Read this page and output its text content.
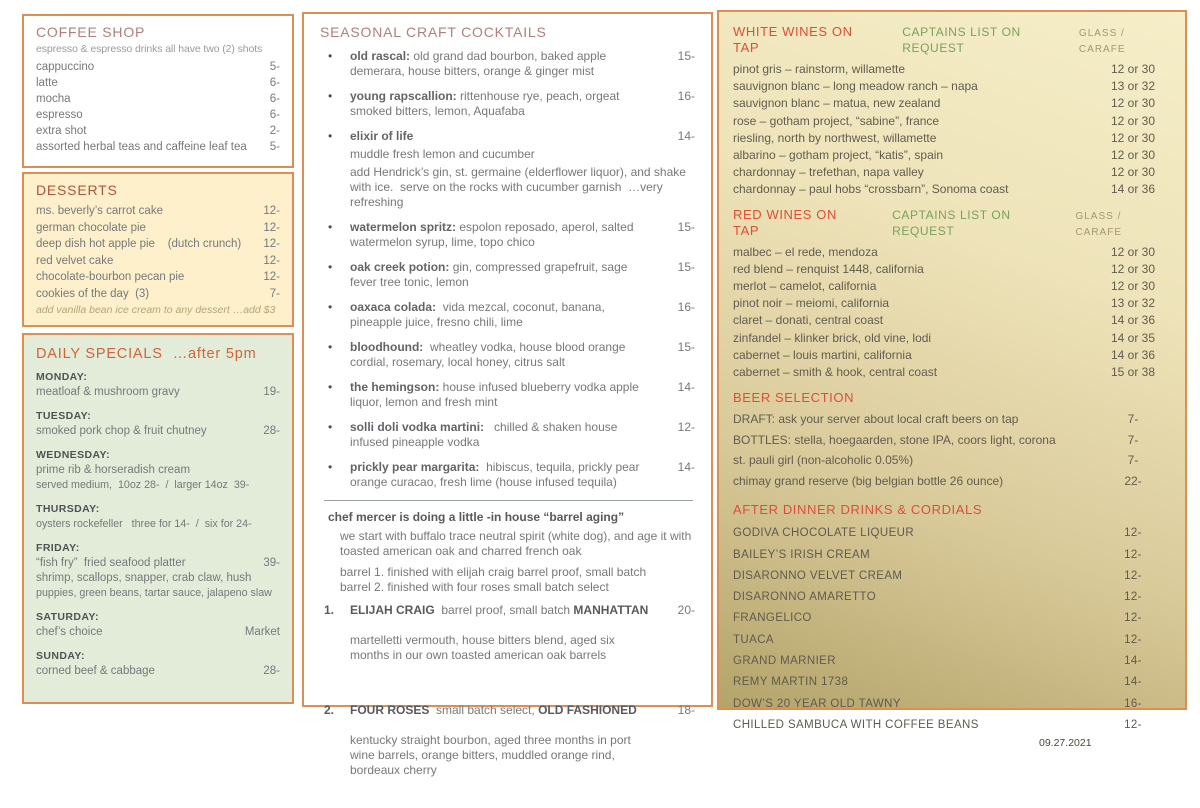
COFFEE SHOP
espresso & espresso drinks all have two (2) shots
cappuccino	5-
latte	6-
mocha	6-
espresso	6-
extra shot	2-
assorted herbal teas and caffeine leaf tea 5-
DESSERTS
ms. beverly’s carrot cake	12-
german chocolate pie	12-
deep dish hot apple pie    (dutch crunch) 12-
red velvet cake	12-
chocolate-bourbon pecan pie	12-
cookies of the day  (3)	7-
add vanilla bean ice cream to any dessert …add $3
DAILY SPECIALS …after 5pm
MONDAY:
meatloaf & mushroom gravy	19-
TUESDAY:
smoked pork chop & fruit chutney	28-
WEDNESDAY:
prime rib & horseradish cream
served medium,  10oz 28-  /  larger 14oz  39-
THURSDAY:
oysters rockefeller   three for 14-  /  six for 24-
FRIDAY:
“fish fry”  fried seafood platter	39-
shrimp, scallops, snapper, crab claw, hush
puppies, green beans, tartar sauce, jalapeno slaw
SATURDAY:
chef’s choice	Market
SUNDAY:
corned beef & cabbage	28-
SEASONAL CRAFT COCKTAILS
•	old rascal: old grand dad bourbon, baked apple demerara, house bitters, orange & ginger mist
15-
•	young rapscallion: rittenhouse rye, peach, orgeat smoked bitters, lemon, Aquafaba
16-
•	elixir of life	14-
muddle fresh lemon and cucumber
add Hendrick’s gin, st. germaine (elderflower liquor), and shake with ice.  serve on the rocks with cucumber garnish  …very refreshing
•	watermelon spritz: espolon reposado, aperol, salted watermelon syrup, lime, topo chico
15-
•	oak creek potion: gin, compressed grapefruit, sage fever tree tonic, lemon
15-
•	oaxaca colada:  vida mezcal, coconut, banana, pineapple juice, fresno chili, lime
16-
•	bloodhound:  wheatley vodka, house blood orange cordial, rosemary, local honey, citrus salt
15-
•	the hemingson: house infused blueberry vodka apple liquor, lemon and fresh mint
14-
•	solli doli vodka martini:   chilled & shaken house infused pineapple vodka
12-
•	prickly pear margarita:  hibiscus, tequila, prickly pear orange curacao, fresh lime (house infused tequila)
14-
chef mercer is doing a little -in house “barrel aging”
we start with buffalo trace neutral spirit (white dog), and age it with toasted american oak and charred french oak
barrel 1. finished with elijah craig barrel proof, small batch
barrel 2. finished with four roses small batch select
1.	ELIJAH CRAIG  barrel proof, small batch MANHATTAN

martelletti vermouth, house bitters blend, aged six months in our own toasted american oak barrels

20-
2.	FOUR ROSES  small batch select, OLD FASHIONED

kentucky straight bourbon, aged three months in port wine barrels, orange bitters, muddled orange rind, bordeaux cherry

18-
WHITE WINES ON TAP
CAPTAINS LIST ON REQUEST
GLASS / CARAFE
pinot gris – rainstorm, willamette	12 or 30
sauvignon blanc – long meadow ranch – napa	13 or 32
sauvignon blanc – matua, new zealand	12 or 30
rose – gotham project, “sabine”, france	12 or 30
riesling, north by northwest, willamette	12 or 30
albarino – gotham project, “katis”, spain	12 or 30
chardonnay – trefethan, napa valley	12 or 30
chardonnay – paul hobs “crossbarn”, Sonoma coast	14 or 36
RED WINES ON TAP
CAPTAINS LIST ON REQUEST
GLASS / CARAFE
malbec – el rede, mendoza	12 or 30
red blend – renquist 1448, california	12 or 30
merlot – camelot, california	12 or 30
pinot noir – meiomi, california	13 or 32
claret – donati, central coast	14 or 36
zinfandel – klinker brick, old vine, lodi	14 or 35
cabernet – louis martini, california	14 or 36
cabernet – smith & hook, central coast	15 or 38
BEER SELECTION
DRAFT: ask your server about local craft beers on tap	7-
BOTTLES: stella, hoegaarden, stone IPA, coors light, corona	7-
st. pauli girl (non-alcoholic 0.05%)	7-
chimay grand reserve (big belgian bottle 26 ounce)	22-
AFTER DINNER DRINKS & CORDIALS
GODIVA CHOCOLATE LIQUEUR	12-
BAILEY’S IRISH CREAM	12-
DISARONNO VELVET CREAM	12-
DISARONNO AMARETTO	12-
FRANGELICO	12-
TUACA	12-
GRAND MARNIER	14-
REMY MARTIN 1738	14-
DOW’S 20 YEAR OLD TAWNY	16-
CHILLED SAMBUCA WITH COFFEE BEANS	12-
09.27.2021
